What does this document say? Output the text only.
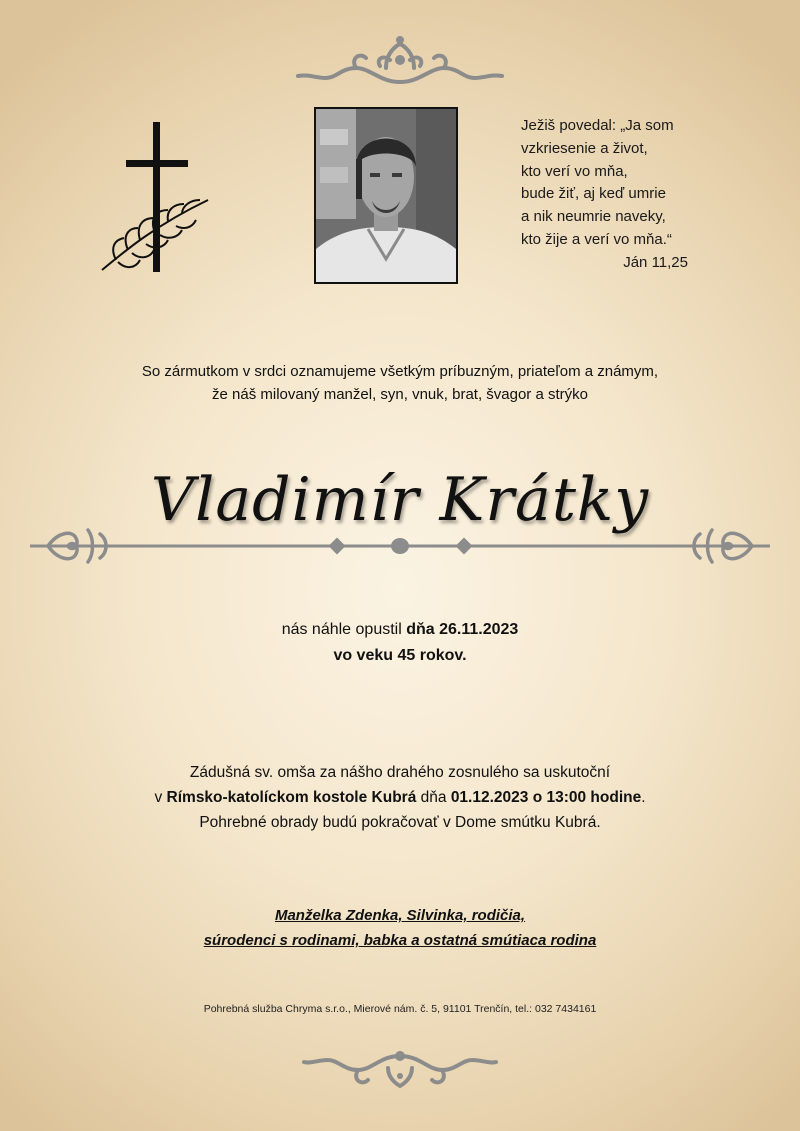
Ježiš povedal: „Ja som
vzkriesenie a život,
kto verí vo mňa,
bude žiť, aj keď umrie
a nik neumrie naveky,
kto žije a verí vo mňa.“
Ján 11,25
So zármutkom v srdci oznamujeme všetkým príbuzným, priateľom a známym,
že náš milovaný manžel, syn, vnuk, brat, švagor a strýko
Vladimír Krátky
nás náhle opustil dňa 26.11.2023
vo veku 45 rokov.
Zádušná sv. omša za nášho drahého zosnulého sa uskutoční
v Rímsko-katolíckom kostole Kubrá dňa 01.12.2023 o 13:00 hodine.
Pohrebné obrady budú pokračovať v Dome smútku Kubrá.
Manželka Zdenka, Silvinka, rodičia,
súrodenci s rodinami, babka a ostatná smútiaca rodina
Pohrebná služba Chryma s.r.o., Mierové nám. č. 5, 91101 Trenčín, tel.: 032 7434161
